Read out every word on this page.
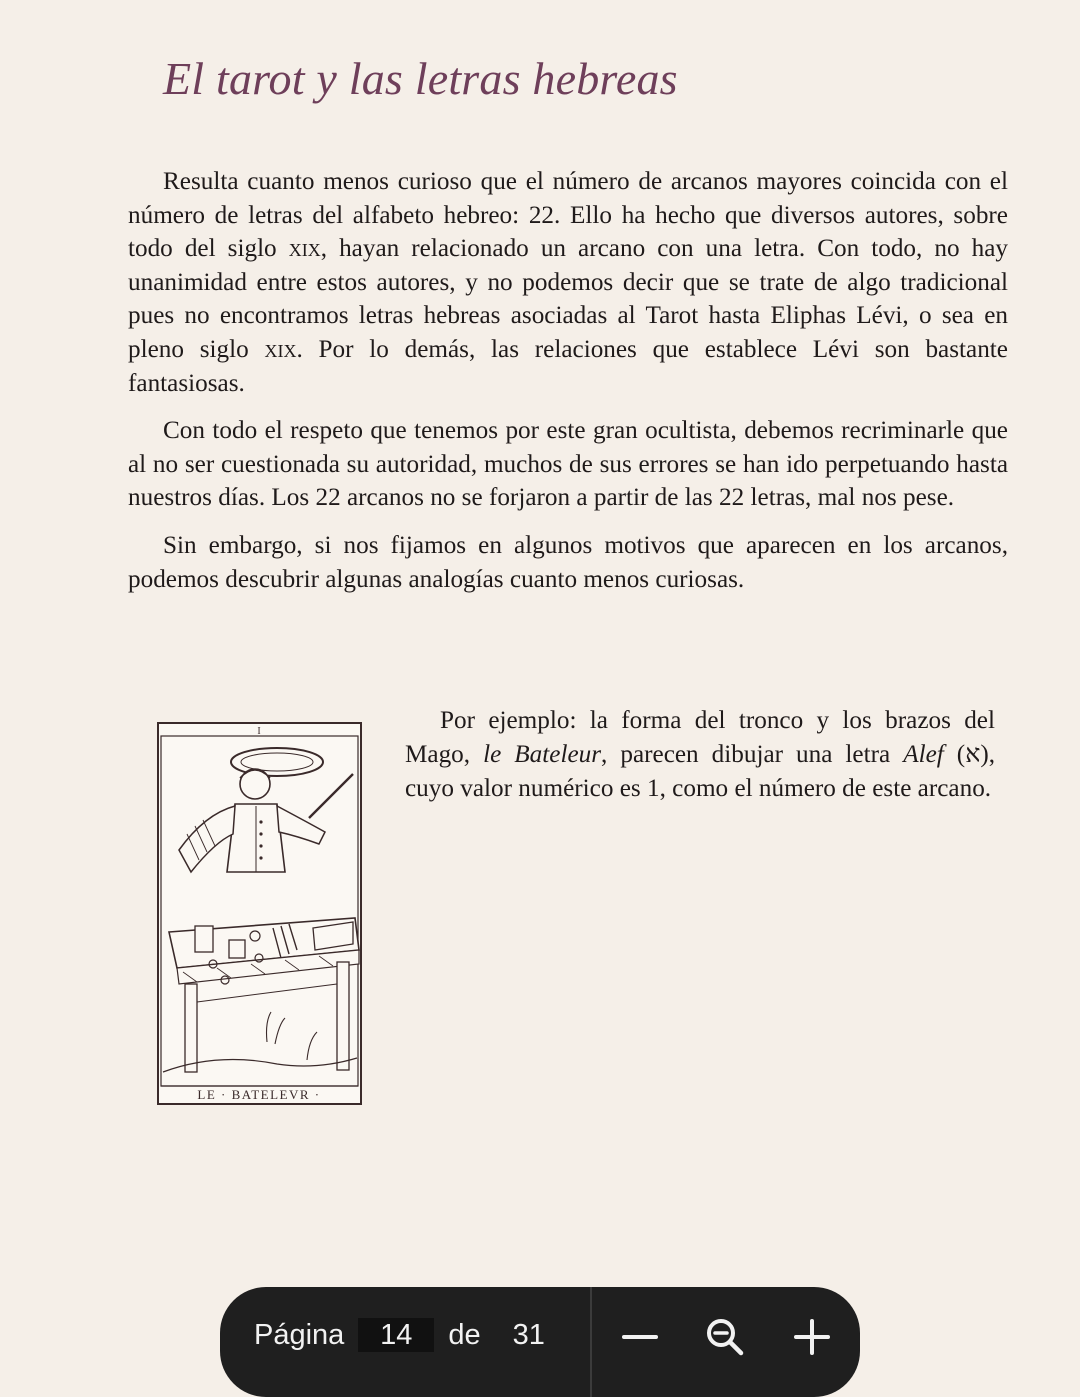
El tarot y las letras hebreas

Resulta cuanto menos curioso que el número de arcanos mayores coincida con el número de letras del alfabeto hebreo: 22. Ello ha hecho que diversos autores, sobre todo del siglo xix, hayan relacionado un arcano con una letra. Con todo, no hay unanimidad entre estos autores, y no podemos decir que se trate de algo tradicional pues no encontramos letras hebreas asociadas al Tarot hasta Eliphas Lévi, o sea en pleno siglo xix. Por lo demás, las relaciones que establece Lévi son bastante fantasiosas.

Con todo el respeto que tenemos por este gran ocultista, debemos recriminarle que al no ser cuestionada su autoridad, muchos de sus errores se han ido perpetuando hasta nuestros días. Los 22 arcanos no se forjaron a partir de las 22 letras, mal nos pese.

Sin embargo, si nos fijamos en algunos motivos que aparecen en los arcanos, podemos descubrir algunas analogías cuanto menos curiosas.

I
LE · BATELEVR ·

Por ejemplo: la forma del tronco y los brazos del Mago, le Bateleur, parecen dibujar una letra Alef (א), cuyo valor numérico es 1, como el número de este arcano.

Página
14	de 31
